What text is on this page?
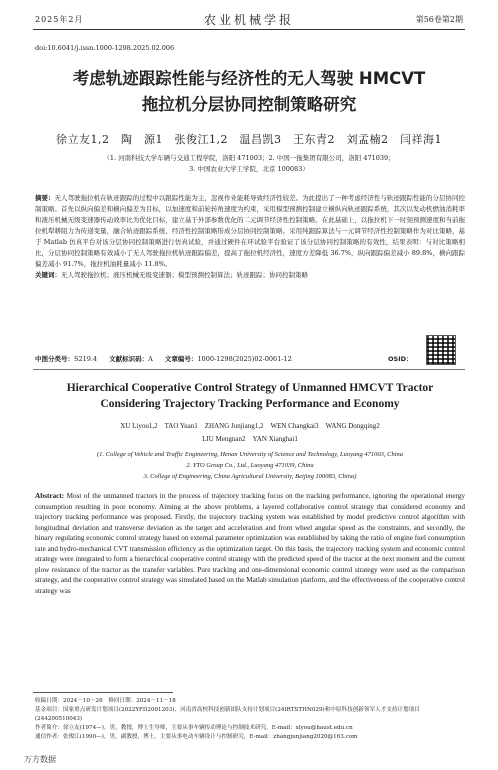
农业机械学报
2025年2月	第56卷第2期
doi:10.6041/j.issn.1000-1298.2025.02.006
考虑轨迹跟踪性能与经济性的无人驾驶 HMCVT
拖拉机分层协同控制策略研究
徐立友1,2　陶　源1　张俊江1,2　温昌凯3　王东青2　刘孟楠2　闫祥海1
（1. 河南科技大学车辆与交通工程学院，洛阳 471003；2. 中国一拖集团有限公司，洛阳 471039；
3. 中国农业大学工学院，北京 100083）

摘要：无人驾驶拖拉机在轨迹跟踪的过程中以跟踪性能为主，忽视作业能耗导致经济性较差。为此提出了一种考虑经济性与轨迹跟踪性能的分层协同控制策略。首先以纵向偏差和横向偏差为目标，以加速度和前轮转角速度为约束，采用模型预测控制建立横纵向轨迹跟踪系统，其次以发动机燃油消耗率和液压机械无级变速器传动效率比为优化目标，建立基于外部参数优化的二元调节经济性控制策略。在此基础上，以拖拉机下一时刻预测速度和当前拖拉机犁耕阻力为传递变量，融合轨迹跟踪系统、经济性控制策略形成分层协同控制策略。采用纯跟踪算法与一元调节经济性控制策略作为对比策略，基于 Matlab 仿真平台对该分层协同控制策略进行仿真试验，并通过硬件在环试验平台验证了该分层协同控制策略的有效性，结果表明：与对比策略相比，分层协同控制策略有效减小了无人驾驶拖拉机轨迹跟踪偏差，提高了拖拉机经济性，速度方差降低 36.7%，纵向跟踪偏差减小 89.8%，横向跟踪偏差减小 91.7%，拖拉机油耗量减小 11.8%。

关键词：无人驾驶拖拉机；液压机械无级变速器；模型预测控制算法；轨迹跟踪；协同控制策略

中图分类号：S219.4 文献标识码：A 文章编号：1000-1298(2025)02-0061-12	OSID：
Hierarchical Cooperative Control Strategy of Unmanned HMCVT Tractor
Considering Trajectory Tracking Performance and Economy
XU Liyou1,2　TAO Yuan1　ZHANG Junjiang1,2　WEN Changkai3　WANG Dongqing2
LIU Mengnan2　YAN Xianghai1
(1. College of Vehicle and Traffic Engineering, Henan University of Science and Technology, Luoyang 471003, China
2. YTO Group Co., Ltd., Luoyang 471039, China
3. College of Engineering, China Agricultural University, Beijing 100083, China)

Abstract: Most of the unmanned tractors in the process of trajectory tracking focus on the tracking performance, ignoring the operational energy consumption resulting in poor economy. Aiming at the above problems, a layered collaborative control strategy that considered economy and trajectory tracking performance was proposed. Firstly, the trajectory tracking system was established by model predictive control algorithm with longitudinal deviation and transverse deviation as the target and acceleration and front wheel angular speed as the constraints, and secondly, the binary regulating economic control strategy based on external parameter optimization was established by taking the ratio of engine fuel consumption rate and hydro-mechanical CVT transmission efficiency as the optimization target. On this basis, the trajectory tracking system and economic control strategy were integrated to form a hierarchical cooperative control strategy with the predicted speed of the tractor at the next moment and the current plow resistance of the tractor as the transfer variables. Pure tracking and one-dimensional economic control strategy were used as the comparison strategy, and the cooperative control strategy was simulated based on the Matlab simulation platform, and the effectiveness of the cooperative control strategy was

收稿日期：2024－10－26　修回日期：2024－11－18

基金项目：国家重点研发计划项目(2022YFD2001203)、河南省高校科技创新团队支持计划项目(24IRTSTHN029)和中原科技创新领军人才支持计划项目(244200510043)

作者简介：徐立友(1974—)，男，教授，博士生导师，主要从事车辆传动理论与控制技术研究，E-mail：xlyou@haust.edu.cn

通信作者：张俊江(1990—)，男，副教授，博士，主要从事电动车辆设计与控制研究，E-mail：zhangjunjiang2020@163.com

万方数据
